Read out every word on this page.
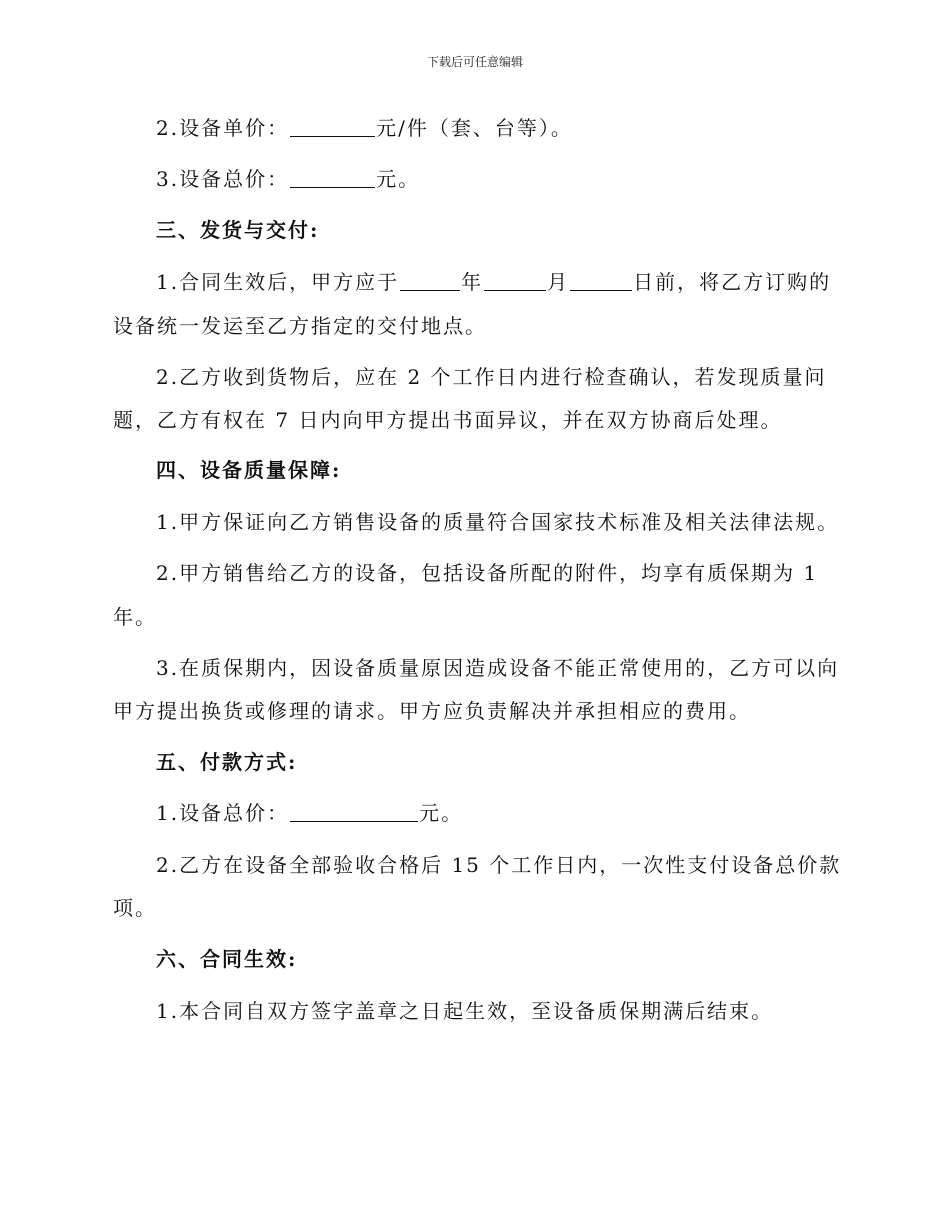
下载后可任意编辑
2.设备单价：	元/件（套、台等）。
3.设备总价：	元。
三、发货与交付:
1.合同生效后，甲方应于	年	月	日前，将乙方订购的
设备统一发运至乙方指定的交付地点。
2.乙方收到货物后，应在 2 个工作日内进行检查确认，若发现质量问
题，乙方有权在 7 日内向甲方提出书面异议，并在双方协商后处理。
四、设备质量保障:
1.甲方保证向乙方销售设备的质量符合国家技术标准及相关法律法规。
2.甲方销售给乙方的设备，包括设备所配的附件，均享有质保期为 1
年。
3.在质保期内，因设备质量原因造成设备不能正常使用的，乙方可以向
甲方提出换货或修理的请求。甲方应负责解决并承担相应的费用。
五、付款方式:
1.设备总价：	元。
2.乙方在设备全部验收合格后 15 个工作日内，一次性支付设备总价款
项。
六、合同生效:
1.本合同自双方签字盖章之日起生效，至设备质保期满后结束。
